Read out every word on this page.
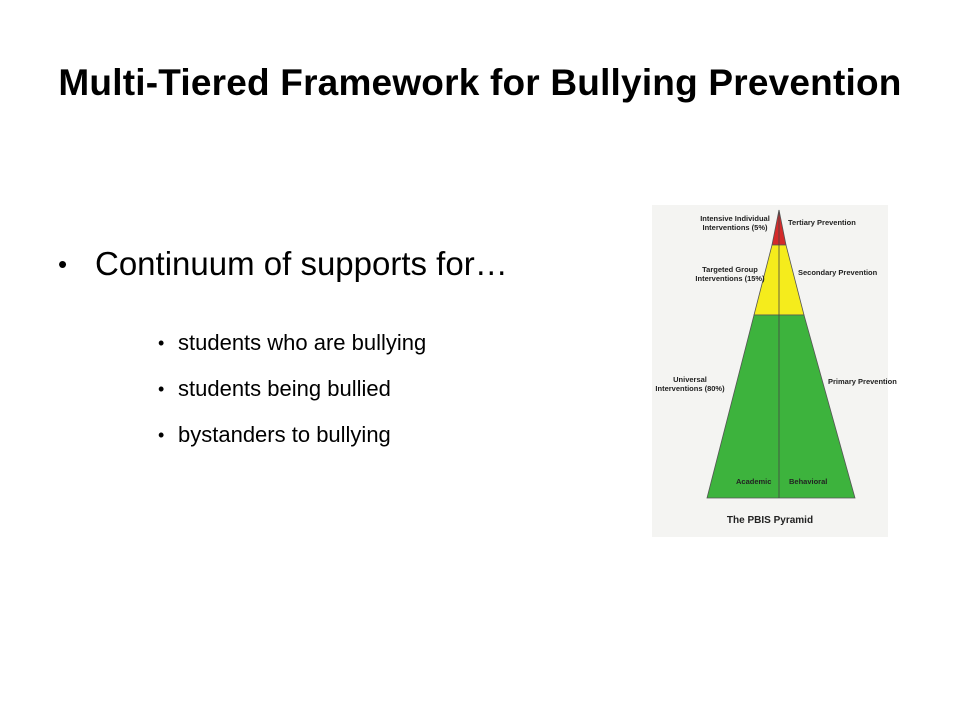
Multi-Tiered Framework for Bullying Prevention
• Continuum of supports for…
• students who are bullying
• students being bullied
• bystanders to bullying
Intensive Individual Interventions (5%)
Tertiary Prevention
Targeted Group Interventions (15%)
Secondary Prevention
Universal Interventions (80%)
Primary Prevention
Academic Behavioral
The PBIS Pyramid
